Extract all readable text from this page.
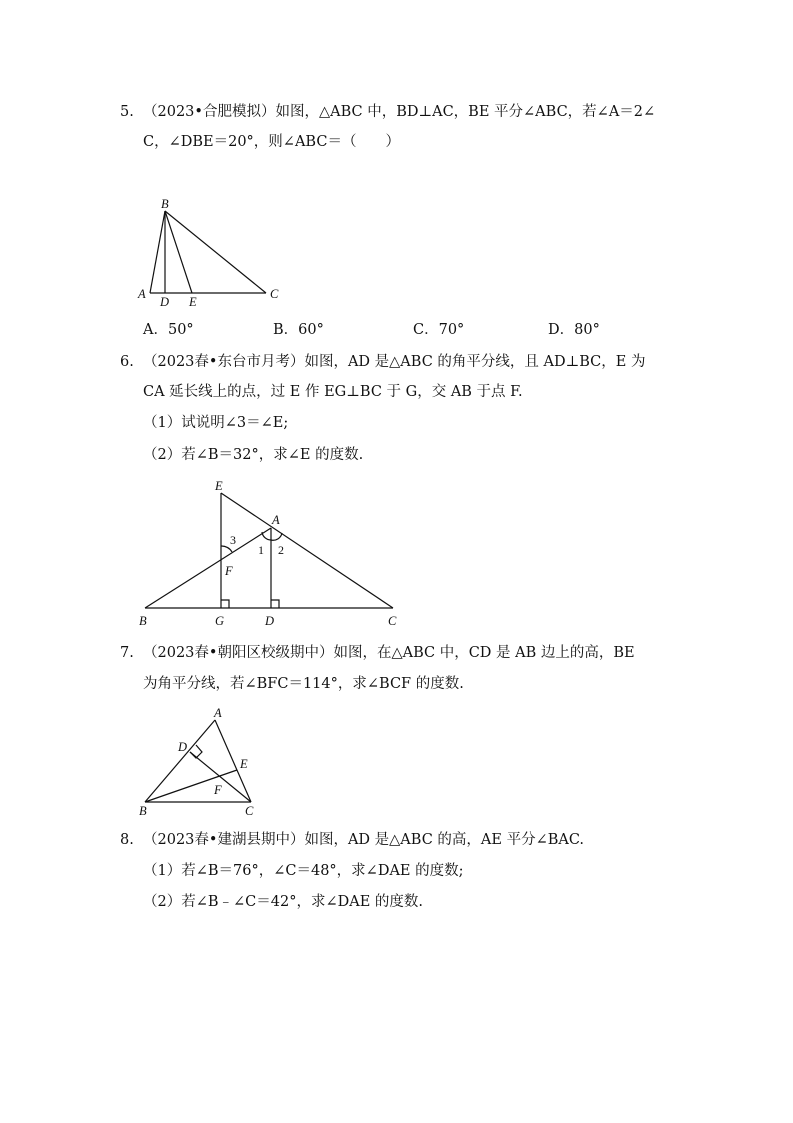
5. （2023•合肥模拟）如图，△ABC 中，BD⊥AC，BE 平分∠ABC，若∠A＝2∠
C，∠DBE＝20°，则∠ABC＝（　　）
B
A
D E
C
A．50°	B．60°	C．70°	D．80°
6. （2023春•东台市月考）如图，AD 是△ABC 的角平分线，且 AD⊥BC，E 为
CA 延长线上的点，过 E 作 EG⊥BC 于 G，交 AB 于点 F.
（1）试说明∠3＝∠E;
（2）若∠B＝32°，求∠E 的度数.
E
A
3
1 2
F
B	G	D	C
7. （2023春•朝阳区校级期中）如图，在△ABC 中，CD 是 AB 边上的高，BE
为角平分线，若∠BFC＝114°，求∠BCF 的度数.
A
D
E
F
B	C
8. （2023春•建湖县期中）如图，AD 是△ABC 的高，AE 平分∠BAC.
（1）若∠B＝76°，∠C＝48°，求∠DAE 的度数;
（2）若∠B﹣∠C＝42°，求∠DAE 的度数.
